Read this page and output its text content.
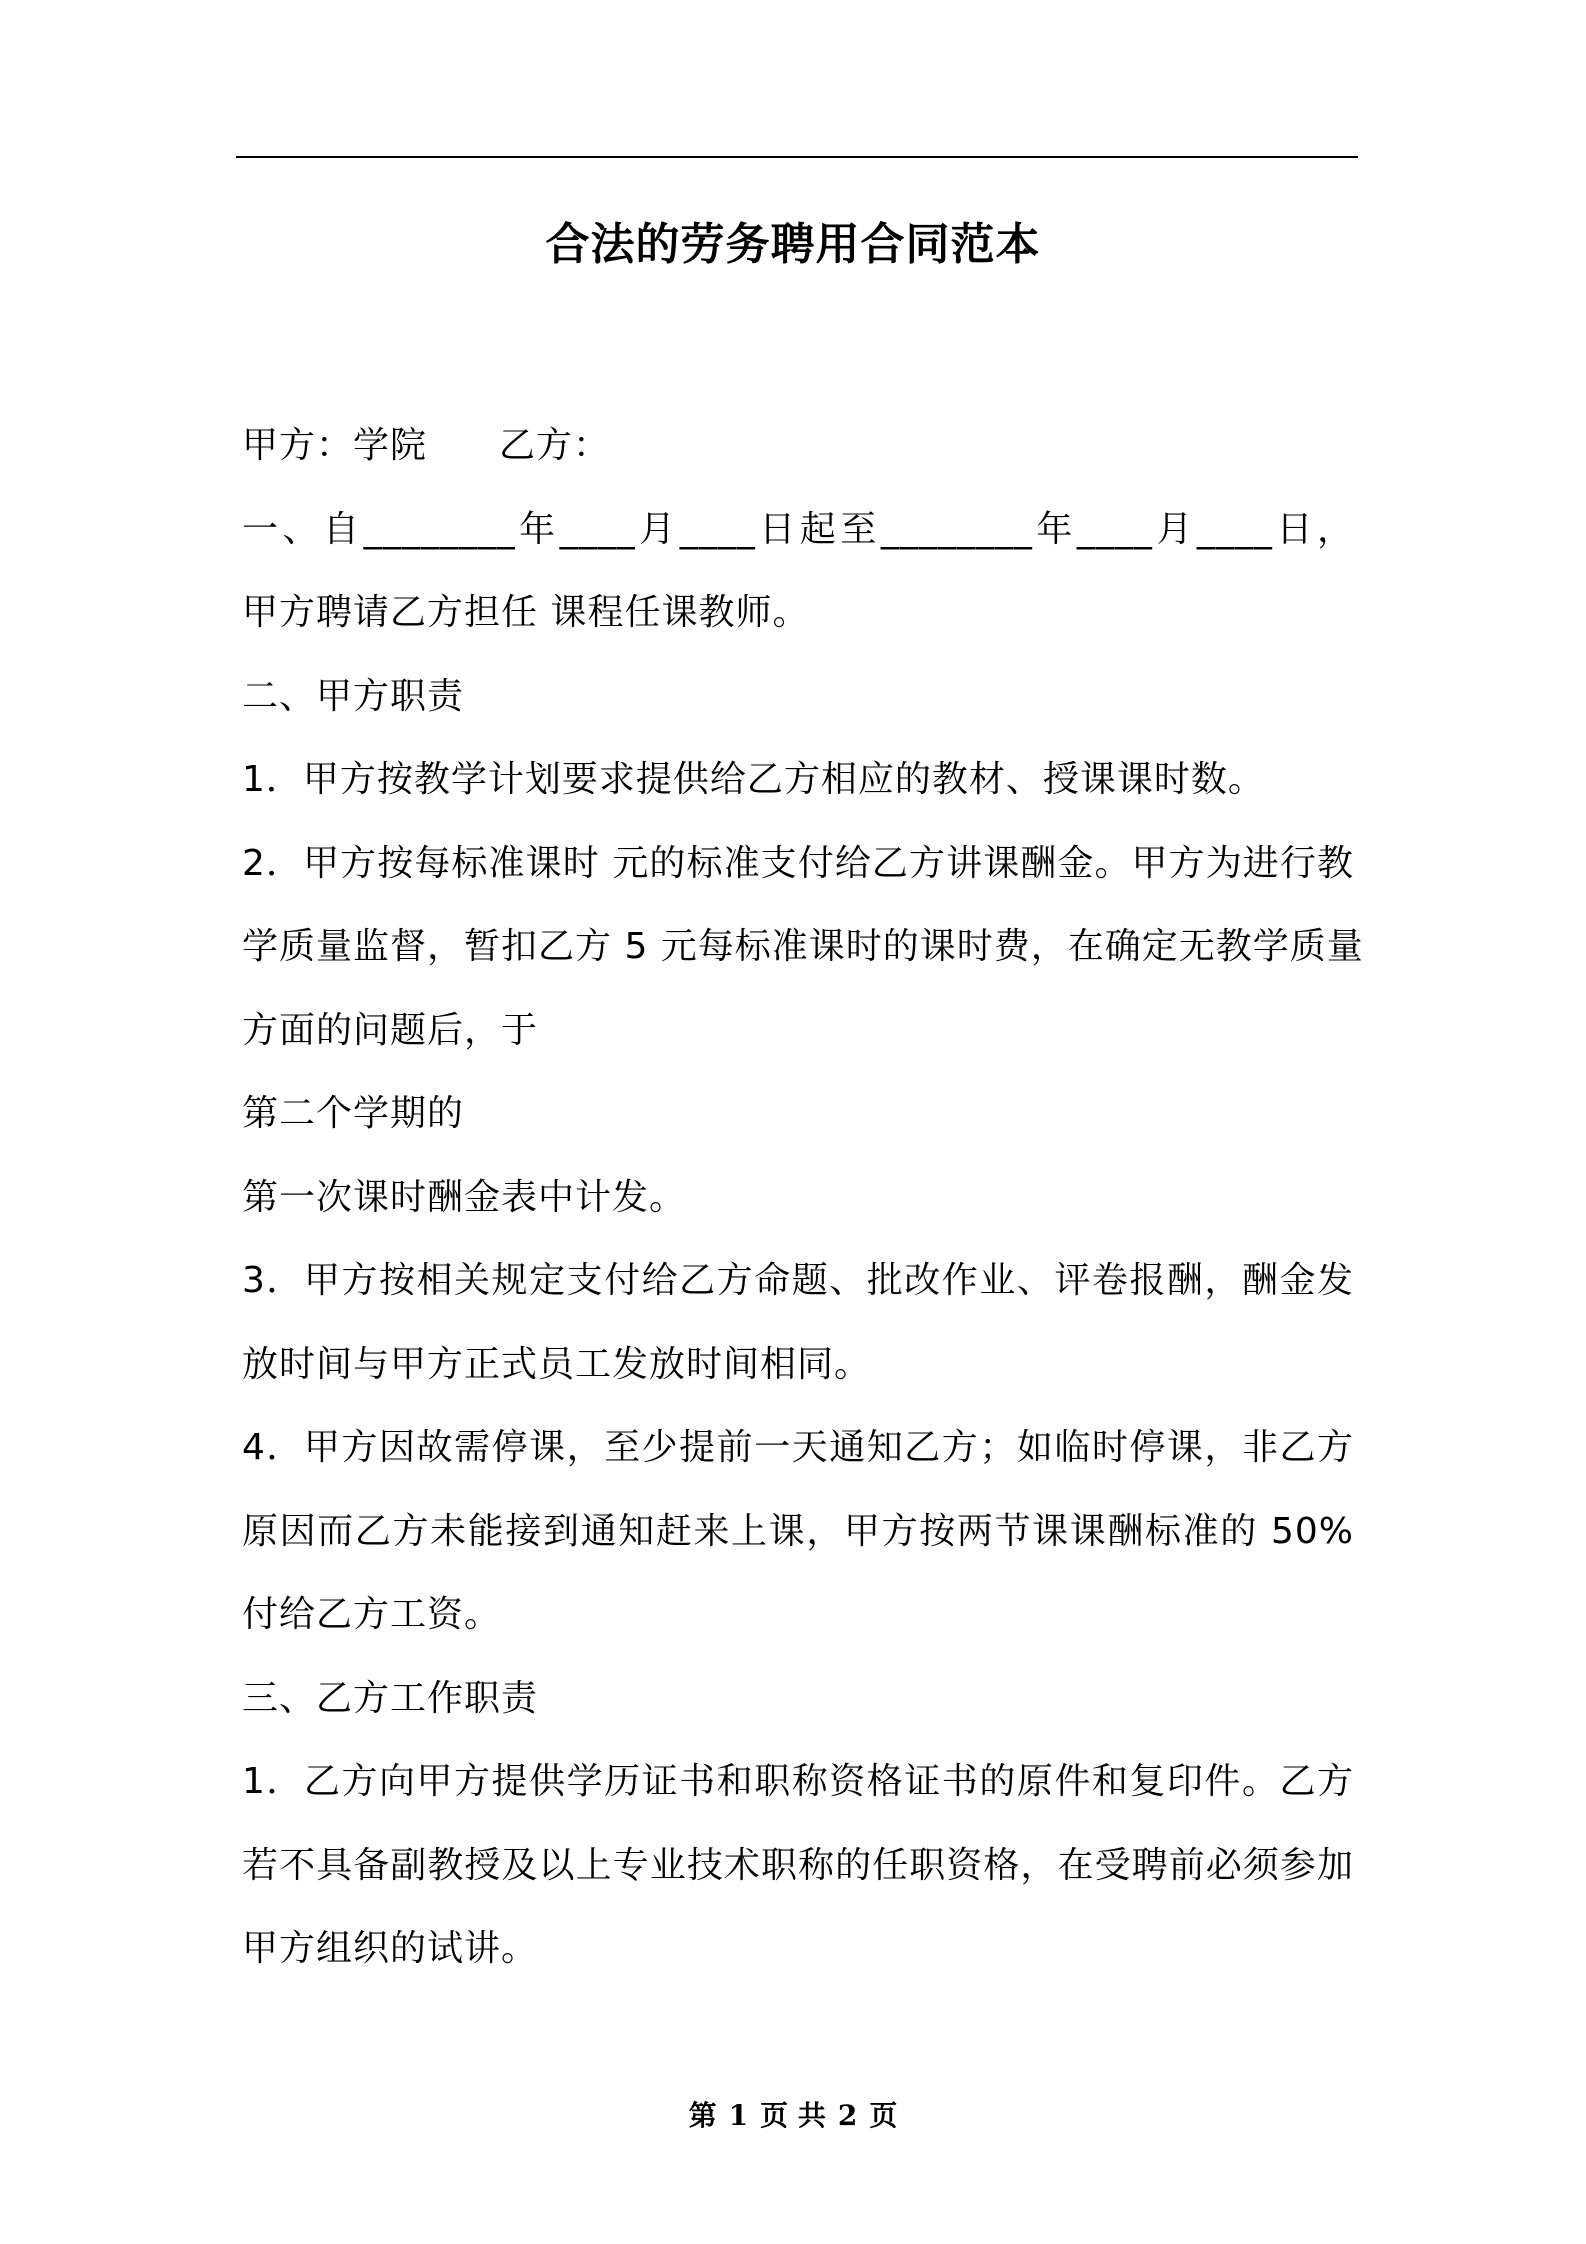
合法的劳务聘用合同范本
甲方：学院 乙方：
一、自________年____月____日起至________年____月____日，
甲方聘请乙方担任 课程任课教师。
二、甲方职责
1．甲方按教学计划要求提供给乙方相应的教材、授课课时数。
2．甲方按每标准课时 元的标准支付给乙方讲课酬金。甲方为进行教
学质量监督，暂扣乙方 5 元每标准课时的课时费，在确定无教学质量
方面的问题后，于
第二个学期的
第一次课时酬金表中计发。
3．甲方按相关规定支付给乙方命题、批改作业、评卷报酬，酬金发
放时间与甲方正式员工发放时间相同。
4．甲方因故需停课，至少提前一天通知乙方；如临时停课，非乙方
原因而乙方未能接到通知赶来上课，甲方按两节课课酬标准的 50%
付给乙方工资。
三、乙方工作职责
1．乙方向甲方提供学历证书和职称资格证书的原件和复印件。乙方
若不具备副教授及以上专业技术职称的任职资格，在受聘前必须参加
甲方组织的试讲。
第 1 页 共 2 页
